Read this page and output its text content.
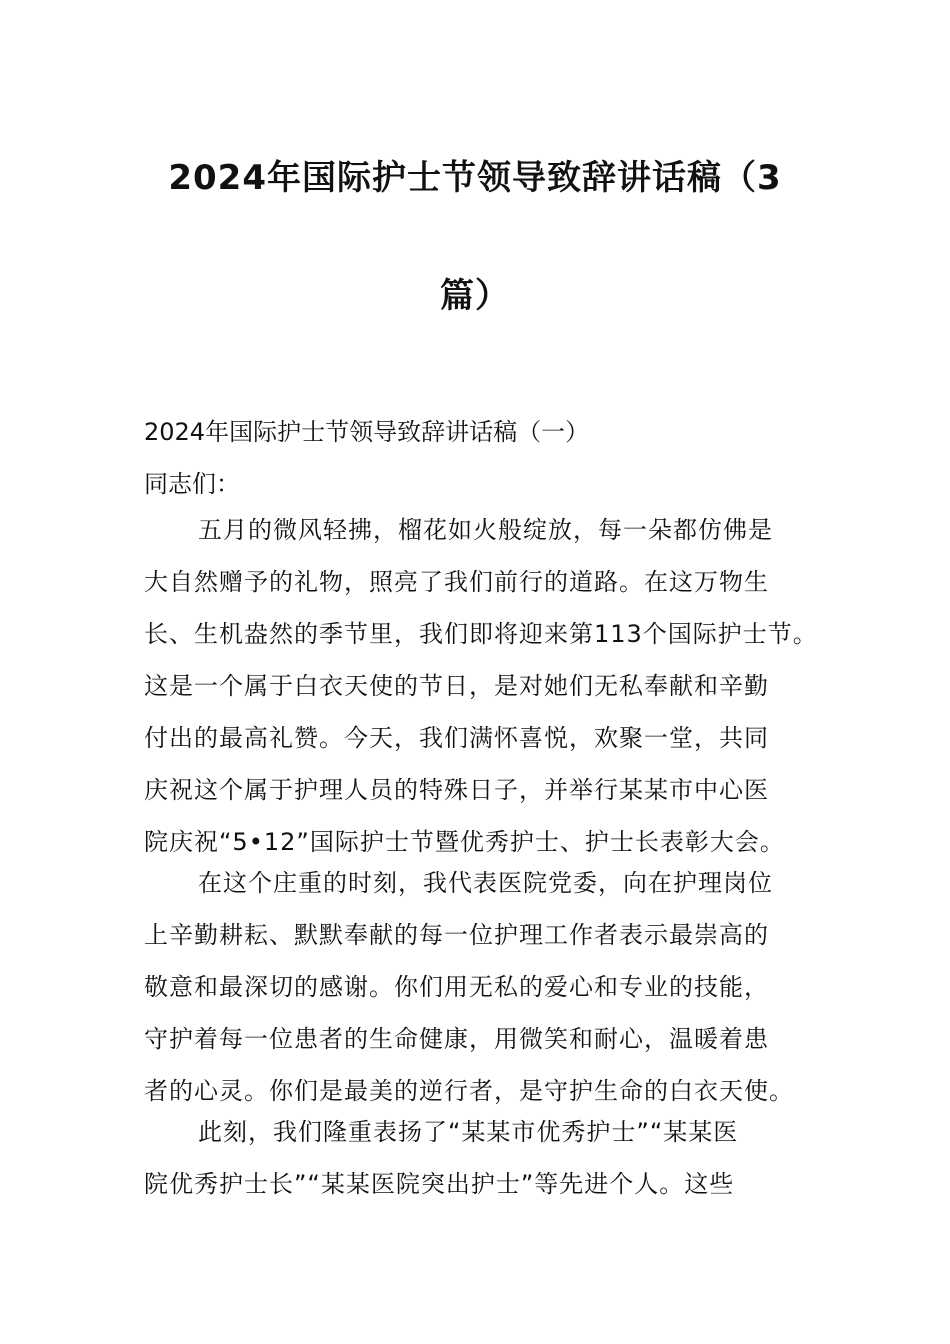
2024年国际护士节领导致辞讲话稿（3
篇）
2024年国际护士节领导致辞讲话稿（一）
同志们：
五月的微风轻拂，榴花如火般绽放，每一朵都仿佛是
大自然赠予的礼物，照亮了我们前行的道路。在这万物生
长、生机盎然的季节里，我们即将迎来第113个国际护士节。
这是一个属于白衣天使的节日，是对她们无私奉献和辛勤
付出的最高礼赞。今天，我们满怀喜悦，欢聚一堂，共同
庆祝这个属于护理人员的特殊日子，并举行某某市中心医
院庆祝“5•12”国际护士节暨优秀护士、护士长表彰大会。
在这个庄重的时刻，我代表医院党委，向在护理岗位
上辛勤耕耘、默默奉献的每一位护理工作者表示最崇高的
敬意和最深切的感谢。你们用无私的爱心和专业的技能，
守护着每一位患者的生命健康，用微笑和耐心，温暖着患
者的心灵。你们是最美的逆行者，是守护生命的白衣天使。
此刻，我们隆重表扬了“某某市优秀护士”“某某医
院优秀护士长”“某某医院突出护士”等先进个人。这些
